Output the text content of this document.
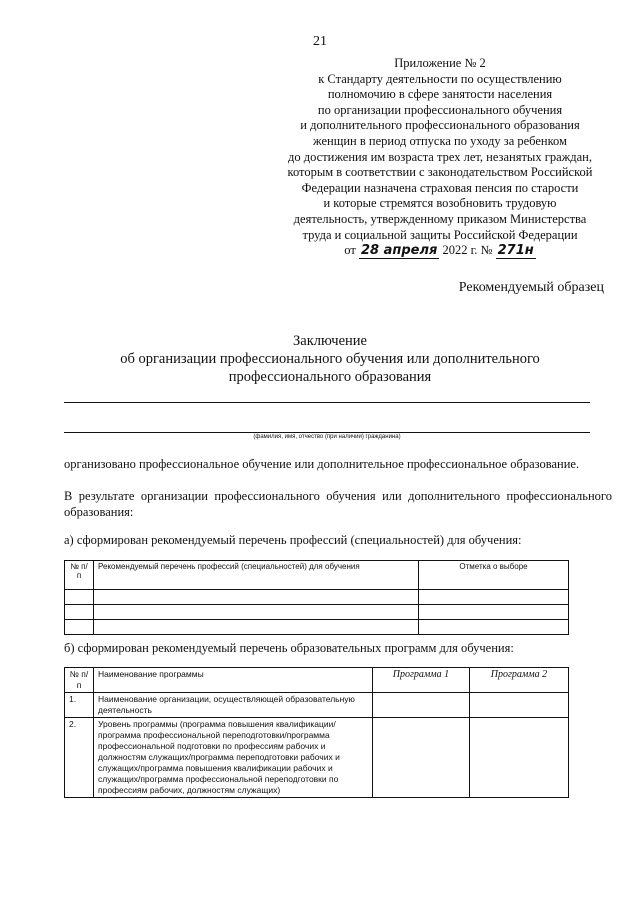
21
Приложение № 2
к Стандарту деятельности по осуществлению
полномочию в сфере занятости населения
по организации профессионального обучения
и дополнительного профессионального образования
женщин в период отпуска по уходу за ребенком
до достижения им возраста трех лет, незанятых граждан,
которым в соответствии с законодательством Российской
Федерации назначена страховая пенсия по старости
и которые стремятся возобновить трудовую
деятельность, утвержденному приказом Министерства
труда и социальной защиты Российской Федерации
от 28 апреля 2022 г. № 271н
Рекомендуемый образец
Заключение
об организации профессионального обучения или дополнительного
профессионального образования
(фамилия, имя, отчество (при наличии) гражданина)
организовано профессиональное обучение или дополнительное профессиональное образование.
В результате организации профессионального обучения или дополнительного профессионального образования:
а) сформирован рекомендуемый перечень профессий (специальностей) для обучения:
№ п/п	Рекомендуемый перечень профессий (специальностей) для обучения	Отметка о выборе

б) сформирован рекомендуемый перечень образовательных программ для обучения:
№ п/п	Наименование программы	Программа 1	Программа 2
1.	Наименование организации, осуществляющей образовательную деятельность		
2.	Уровень программы (программа повышения квалификации/программа профессиональной переподготовки/программа профессиональной подготовки по профессиям рабочих и должностям служащих/программа переподготовки рабочих и служащих/программа повышения квалификации рабочих и служащих/программа профессиональной переподготовки по профессиям рабочих, должностям служащих)		
